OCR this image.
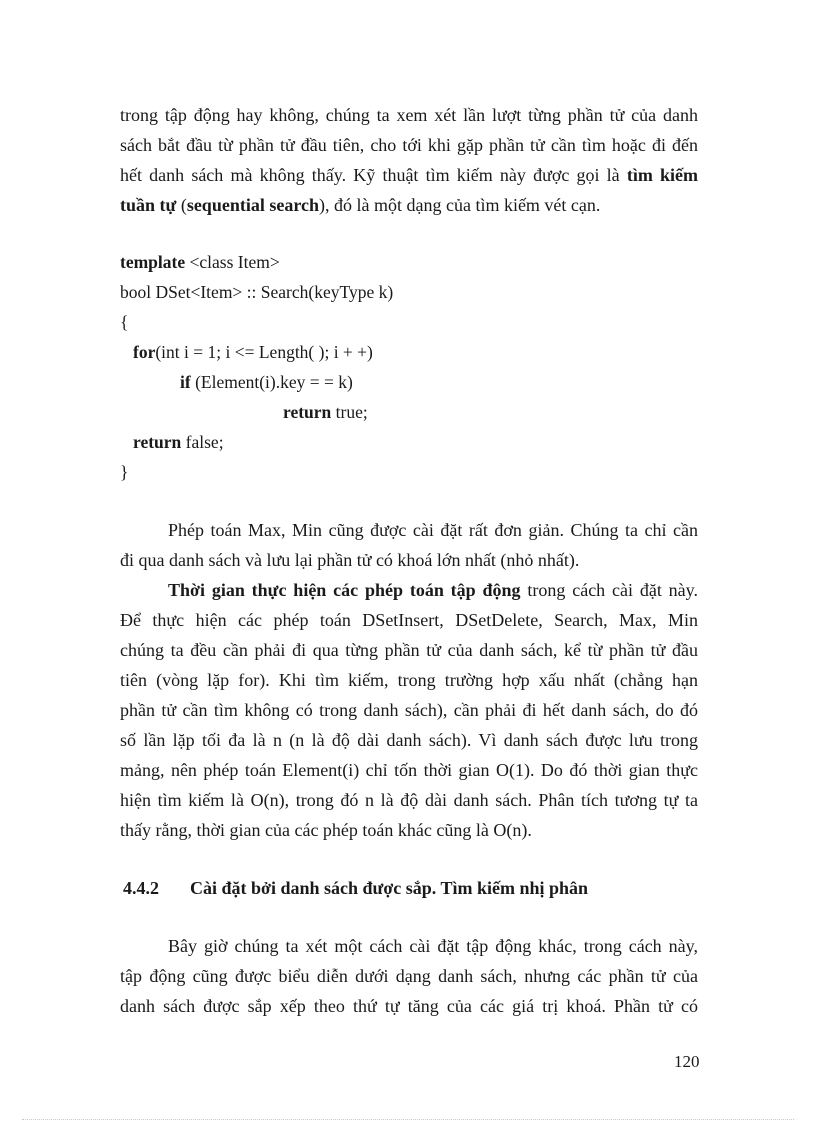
trong tập động hay không, chúng ta xem xét lần lượt từng phần tử của danh
sách bắt đầu từ phần tử đầu tiên, cho tới khi gặp phần tử cần tìm hoặc đi đến
hết danh sách mà không thấy. Kỹ thuật tìm kiếm này được gọi là tìm kiếm
tuần tự (sequential search), đó là một dạng của tìm kiếm vét cạn.
template <class Item>
bool DSet<Item> :: Search(keyType k)
{
for(int i = 1; i <= Length( ); i + +)
if (Element(i).key = = k)
return true;
return false;
}
Phép toán Max, Min cũng được cài đặt rất đơn giản. Chúng ta chỉ cần
đi qua danh sách và lưu lại phần tử có khoá lớn nhất (nhỏ nhất).
Thời gian thực hiện các phép toán tập động trong cách cài đặt này.
Để thực hiện các phép toán DSetInsert, DSetDelete, Search, Max, Min
chúng ta đều cần phải đi qua từng phần tử của danh sách, kể từ phần tử đầu
tiên (vòng lặp for). Khi tìm kiếm, trong trường hợp xấu nhất (chẳng hạn
phần tử cần tìm không có trong danh sách), cần phải đi hết danh sách, do đó
số lần lặp tối đa là n (n là độ dài danh sách). Vì danh sách được lưu trong
mảng, nên phép toán Element(i) chỉ tốn thời gian O(1). Do đó thời gian thực
hiện tìm kiếm là O(n), trong đó n là độ dài danh sách. Phân tích tương tự ta
thấy rằng, thời gian của các phép toán khác cũng là O(n).
4.4.2 Cài đặt bởi danh sách được sắp. Tìm kiếm nhị phân
Bây giờ chúng ta xét một cách cài đặt tập động khác, trong cách này,
tập động cũng được biểu diễn dưới dạng danh sách, nhưng các phần tử của
danh sách được sắp xếp theo thứ tự tăng của các giá trị khoá. Phần tử có
120
